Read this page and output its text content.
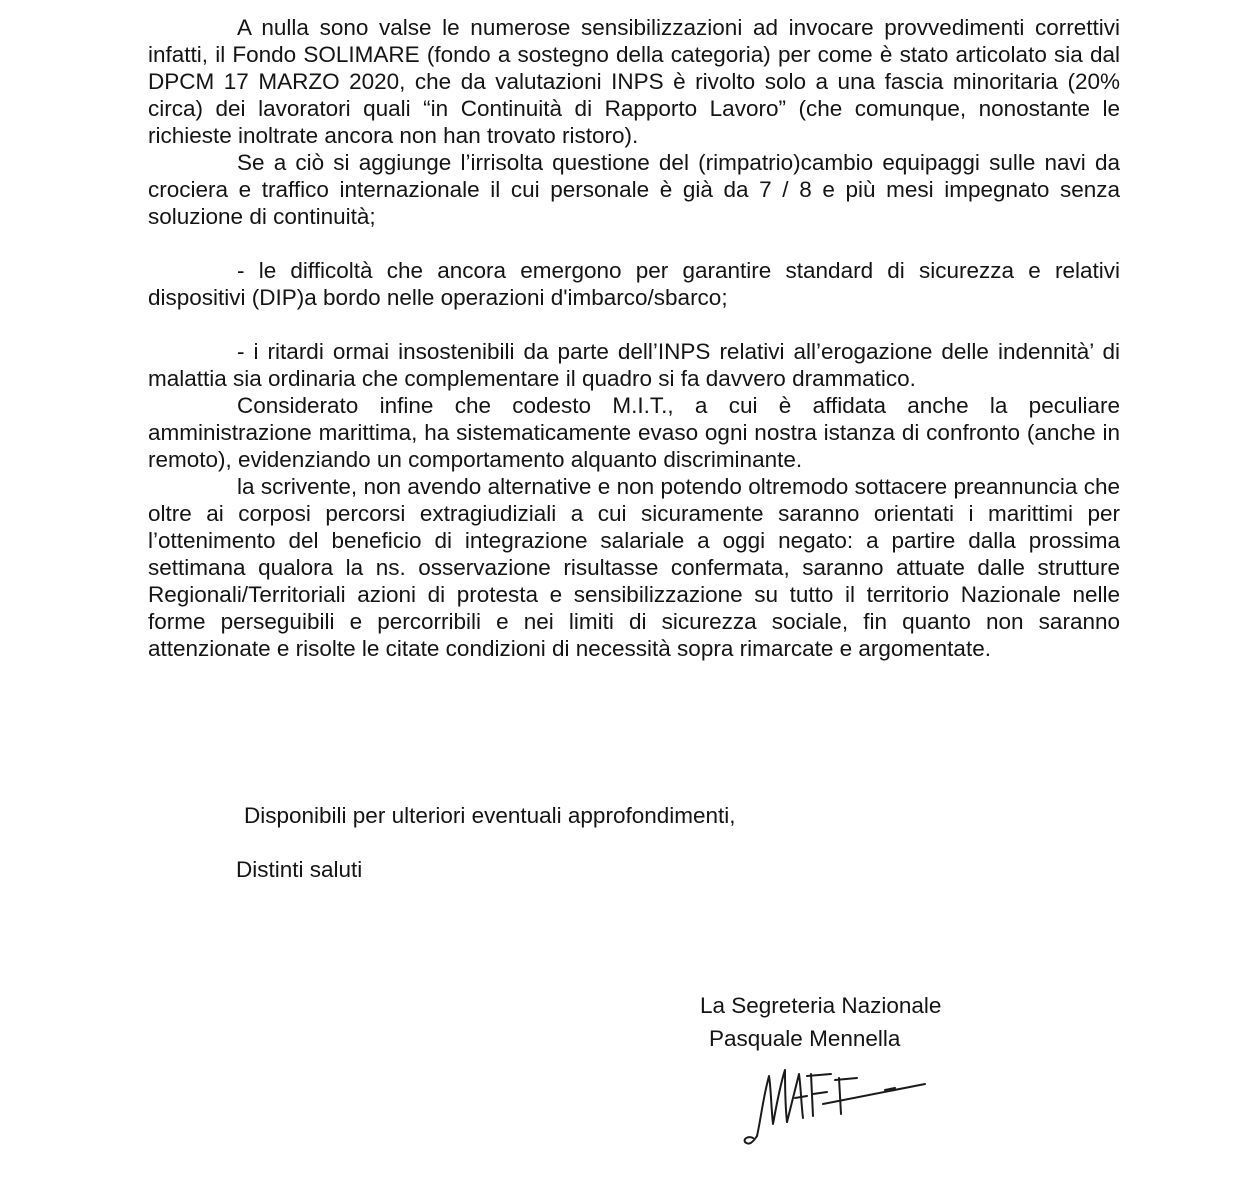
A nulla sono valse le numerose sensibilizzazioni ad invocare provvedimenti correttivi infatti, il Fondo SOLIMARE (fondo a sostegno della categoria) per come è stato articolato sia dal DPCM 17 MARZO 2020, che da valutazioni INPS è rivolto solo a una fascia minoritaria (20% circa) dei lavoratori quali “in Continuità di Rapporto Lavoro” (che comunque, nonostante le richieste inoltrate ancora non han trovato ristoro).

Se a ciò si aggiunge l’irrisolta questione del (rimpatrio)cambio equipaggi sulle navi da crociera e traffico internazionale il cui personale è già da 7 / 8 e più mesi impegnato senza soluzione di continuità;

- le difficoltà che ancora emergono per garantire standard di sicurezza e relativi dispositivi (DIP)a bordo nelle operazioni d'imbarco/sbarco;

- i ritardi ormai insostenibili da parte dell’INPS relativi all’erogazione delle indennità’ di malattia sia ordinaria che complementare il quadro si fa davvero drammatico.

Considerato infine che codesto M.I.T., a cui è affidata anche la peculiare amministrazione marittima, ha sistematicamente evaso ogni nostra istanza di confronto (anche in remoto), evidenziando un comportamento alquanto discriminante.

la scrivente, non avendo alternative e non potendo oltremodo sottacere preannuncia che oltre ai corposi percorsi extragiudiziali a cui sicuramente saranno orientati i marittimi per l’ottenimento del beneficio di integrazione salariale a oggi negato: a partire dalla prossima settimana qualora la ns. osservazione risultasse confermata, saranno attuate dalle strutture Regionali/Territoriali azioni di protesta e sensibilizzazione su tutto il territorio Nazionale nelle forme perseguibili e percorribili e nei limiti di sicurezza sociale, fin quanto non saranno attenzionate e risolte le citate condizioni di necessità sopra rimarcate e argomentate.

Disponibili per ulteriori eventuali approfondimenti,
Distinti saluti
La Segreteria Nazionale
Pasquale Mennella
